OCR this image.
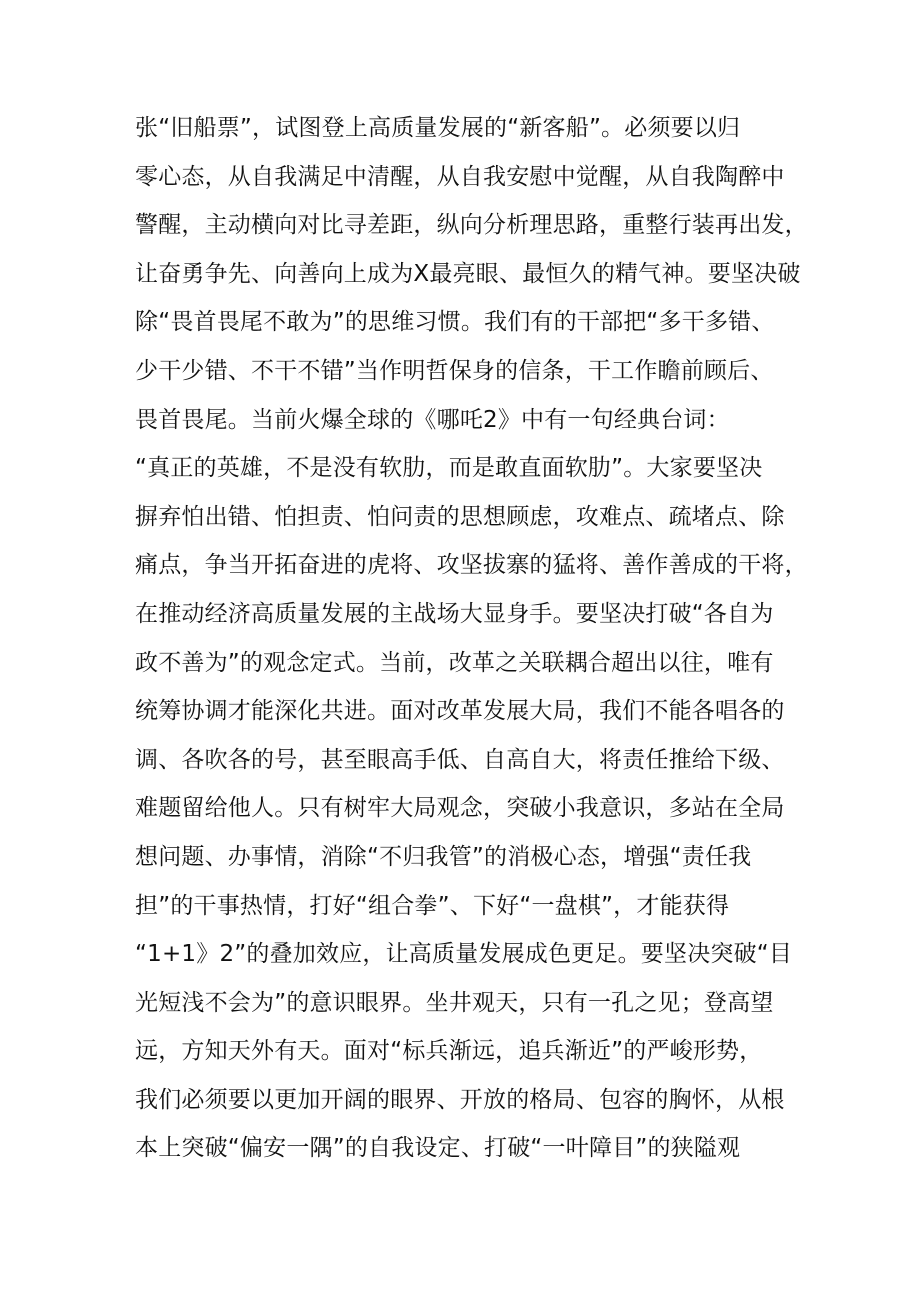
张“旧船票”，试图登上高质量发展的“新客船”。必须要以归
零心态，从自我满足中清醒，从自我安慰中觉醒，从自我陶醉中
警醒，主动横向对比寻差距，纵向分析理思路，重整行装再出发，
让奋勇争先、向善向上成为X最亮眼、最恒久的精气神。要坚决破
除“畏首畏尾不敢为”的思维习惯。我们有的干部把“多干多错、
少干少错、不干不错”当作明哲保身的信条，干工作瞻前顾后、
畏首畏尾。当前火爆全球的《哪吒2》中有一句经典台词：
“真正的英雄，不是没有软肋，而是敢直面软肋”。大家要坚决
摒弃怕出错、怕担责、怕问责的思想顾虑，攻难点、疏堵点、除
痛点，争当开拓奋进的虎将、攻坚拔寨的猛将、善作善成的干将，
在推动经济高质量发展的主战场大显身手。要坚决打破“各自为
政不善为”的观念定式。当前，改革之关联耦合超出以往，唯有
统筹协调才能深化共进。面对改革发展大局，我们不能各唱各的
调、各吹各的号，甚至眼高手低、自高自大，将责任推给下级、
难题留给他人。只有树牢大局观念，突破小我意识，多站在全局
想问题、办事情，消除“不归我管”的消极心态，增强“责任我
担”的干事热情，打好“组合拳”、下好“一盘棋”，才能获得
“1+1》2”的叠加效应，让高质量发展成色更足。要坚决突破“目
光短浅不会为”的意识眼界。坐井观天，只有一孔之见；登高望
远，方知天外有天。面对“标兵渐远，追兵渐近”的严峻形势，
我们必须要以更加开阔的眼界、开放的格局、包容的胸怀，从根
本上突破“偏安一隅”的自我设定、打破“一叶障目”的狭隘观
